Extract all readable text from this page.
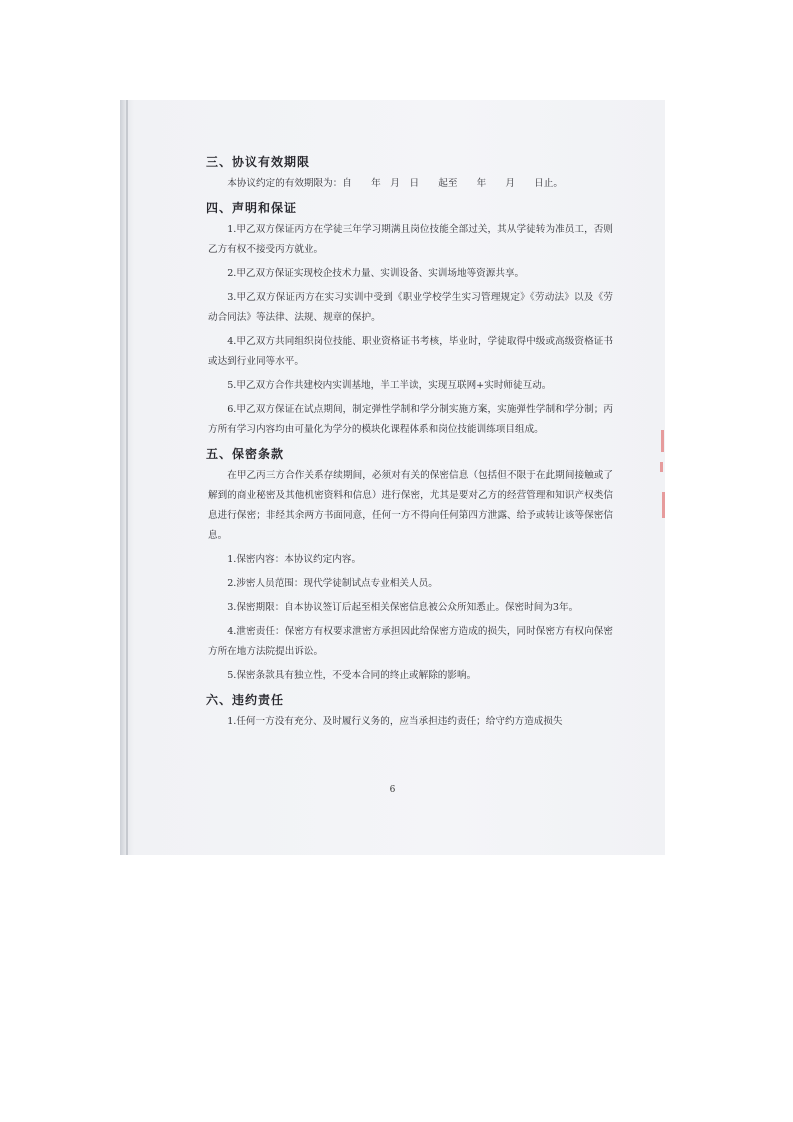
三、协议有效期限
本协议约定的有效期限为：自　　年　月　日　　起至　　年　　月　　日止。
四、声明和保证
1.甲乙双方保证丙方在学徒三年学习期满且岗位技能全部过关，其从学徒转为准员工，否则乙方有权不接受丙方就业。
2.甲乙双方保证实现校企技术力量、实训设备、实训场地等资源共享。
3.甲乙双方保证丙方在实习实训中受到《职业学校学生实习管理规定》《劳动法》以及《劳动合同法》等法律、法规、规章的保护。
4.甲乙双方共同组织岗位技能、职业资格证书考核，毕业时，学徒取得中级或高级资格证书或达到行业同等水平。
5.甲乙双方合作共建校内实训基地，半工半读，实现互联网+实时师徒互动。
6.甲乙双方保证在试点期间，制定弹性学制和学分制实施方案，实施弹性学制和学分制；丙方所有学习内容均由可量化为学分的模块化课程体系和岗位技能训练项目组成。
五、保密条款
在甲乙丙三方合作关系存续期间，必须对有关的保密信息（包括但不限于在此期间接触或了解到的商业秘密及其他机密资料和信息）进行保密，尤其是要对乙方的经营管理和知识产权类信息进行保密；非经其余两方书面同意，任何一方不得向任何第四方泄露、给予或转让该等保密信息。
1.保密内容：本协议约定内容。
2.涉密人员范围：现代学徒制试点专业相关人员。
3.保密期限：自本协议签订后起至相关保密信息被公众所知悉止。保密时间为3年。
4.泄密责任：保密方有权要求泄密方承担因此给保密方造成的损失，同时保密方有权向保密方所在地方法院提出诉讼。
5.保密条款具有独立性，不受本合同的终止或解除的影响。
六、违约责任
1.任何一方没有充分、及时履行义务的，应当承担违约责任；给守约方造成损失
6
